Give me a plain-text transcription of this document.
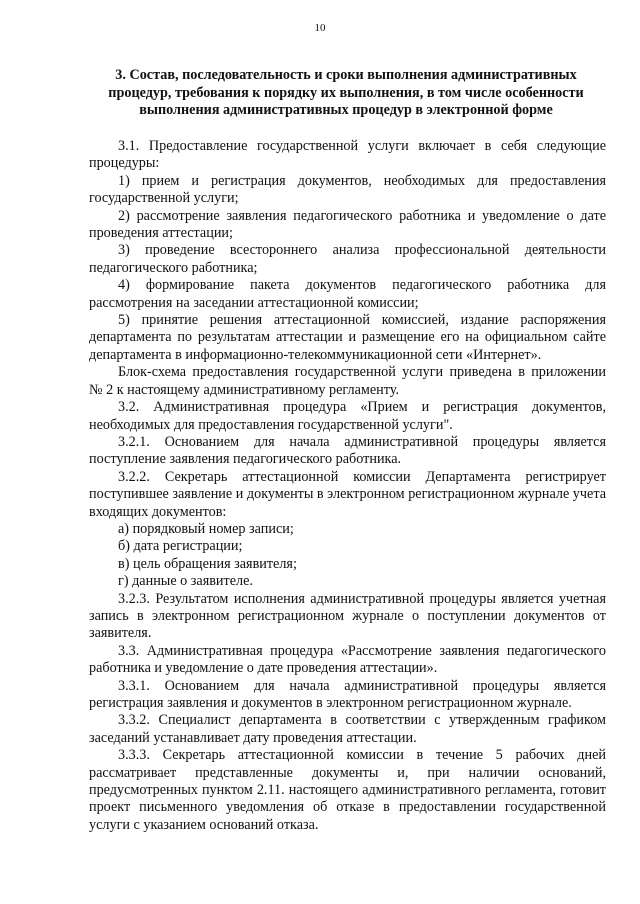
10
3. Состав, последовательность и сроки выполнения административных процедур, требования к порядку их выполнения, в том числе особенности выполнения административных процедур в электронной форме

3.1. Предоставление государственной услуги включает в себя следующие процедуры:

1) прием и регистрация документов, необходимых для предоставления государственной услуги;

2) рассмотрение заявления педагогического работника и уведомление о дате проведения аттестации;

3) проведение всестороннего анализа профессиональной деятельности педагогического работника;

4) формирование пакета документов педагогического работника для рассмотрения на заседании аттестационной комиссии;

5) принятие решения аттестационной комиссией, издание распоряжения департамента по результатам аттестации и размещение его на официальном сайте департамента в информационно-телекоммуникационной сети «Интернет».

Блок-схема предоставления государственной услуги приведена в приложении № 2 к настоящему административному регламенту.

3.2. Административная процедура «Прием и регистрация документов, необходимых для предоставления государственной услуги".

3.2.1. Основанием для начала административной процедуры является поступление заявления педагогического работника.

3.2.2. Секретарь аттестационной комиссии Департамента регистрирует поступившее заявление и документы в электронном регистрационном журнале учета входящих документов:

а) порядковый номер записи;

б) дата регистрации;

в) цель обращения заявителя;

г) данные о заявителе.

3.2.3. Результатом исполнения административной процедуры является учетная запись в электронном регистрационном журнале о поступлении документов от заявителя.

3.3. Административная процедура «Рассмотрение заявления педагогического работника и уведомление о дате проведения аттестации».

3.3.1. Основанием для начала административной процедуры является регистрация заявления и документов в электронном регистрационном журнале.

3.3.2. Специалист департамента в соответствии с утвержденным графиком заседаний устанавливает дату проведения аттестации.

3.3.3. Секретарь аттестационной комиссии в течение 5 рабочих дней рассматривает представленные документы и, при наличии оснований, предусмотренных пунктом 2.11. настоящего административного регламента, готовит проект письменного уведомления об отказе в предоставлении государственной услуги с указанием оснований отказа.
